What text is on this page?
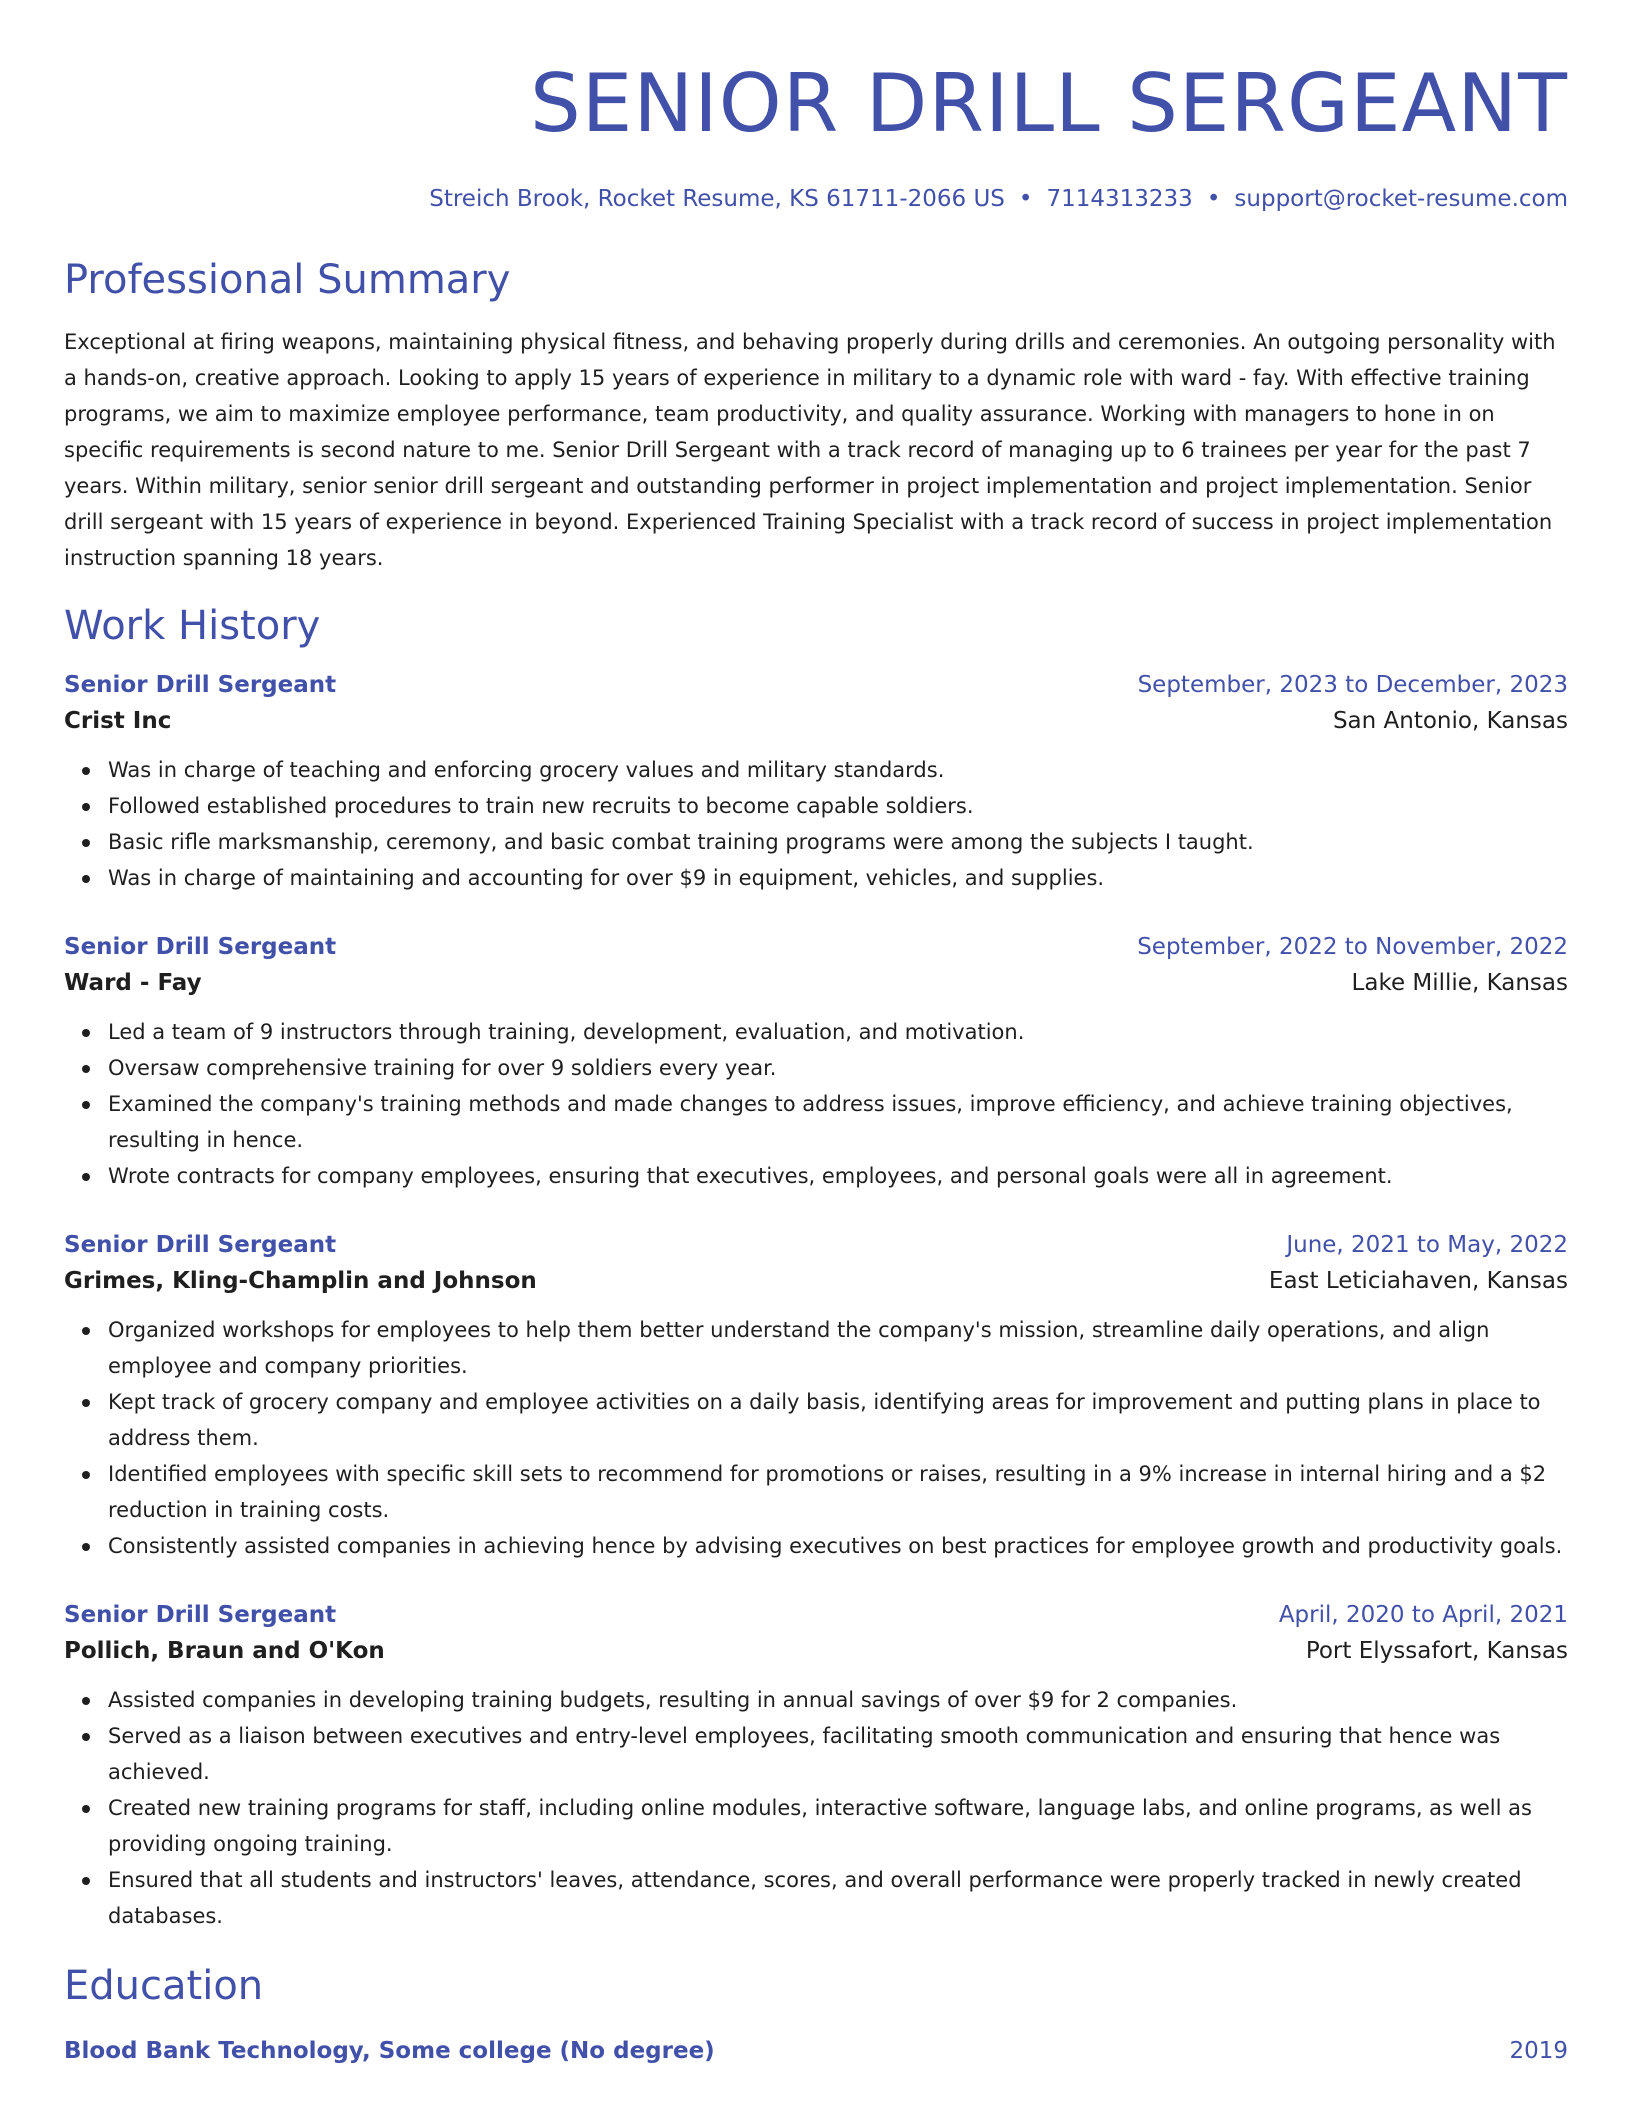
SENIOR DRILL SERGEANT
Streich Brook, Rocket Resume, KS 61711-2066 US • 7114313233 • support@rocket-resume.com
Professional Summary
Exceptional at firing weapons, maintaining physical fitness, and behaving properly during drills and ceremonies. An outgoing personality with a hands-on, creative approach. Looking to apply 15 years of experience in military to a dynamic role with ward - fay. With effective training programs, we aim to maximize employee performance, team productivity, and quality assurance. Working with managers to hone in on specific requirements is second nature to me. Senior Drill Sergeant with a track record of managing up to 6 trainees per year for the past 7 years. Within military, senior senior drill sergeant and outstanding performer in project implementation and project implementation. Senior drill sergeant with 15 years of experience in beyond. Experienced Training Specialist with a track record of success in project implementation instruction spanning 18 years.
Work History
Senior Drill Sergeant	September, 2023 to December, 2023
Crist Inc	San Antonio, Kansas
Was in charge of teaching and enforcing grocery values and military standards.
Followed established procedures to train new recruits to become capable soldiers.
Basic rifle marksmanship, ceremony, and basic combat training programs were among the subjects I taught.
Was in charge of maintaining and accounting for over $9 in equipment, vehicles, and supplies.
Senior Drill Sergeant	September, 2022 to November, 2022
Ward - Fay	Lake Millie, Kansas
Led a team of 9 instructors through training, development, evaluation, and motivation.
Oversaw comprehensive training for over 9 soldiers every year.
Examined the company's training methods and made changes to address issues, improve efficiency, and achieve training objectives, resulting in hence.
Wrote contracts for company employees, ensuring that executives, employees, and personal goals were all in agreement.
Senior Drill Sergeant	June, 2021 to May, 2022
Grimes, Kling-Champlin and Johnson	East Leticiahaven, Kansas
Organized workshops for employees to help them better understand the company's mission, streamline daily operations, and align employee and company priorities.
Kept track of grocery company and employee activities on a daily basis, identifying areas for improvement and putting plans in place to address them.
Identified employees with specific skill sets to recommend for promotions or raises, resulting in a 9% increase in internal hiring and a $2 reduction in training costs.
Consistently assisted companies in achieving hence by advising executives on best practices for employee growth and productivity goals.
Senior Drill Sergeant	April, 2020 to April, 2021
Pollich, Braun and O'Kon	Port Elyssafort, Kansas
Assisted companies in developing training budgets, resulting in annual savings of over $9 for 2 companies.
Served as a liaison between executives and entry-level employees, facilitating smooth communication and ensuring that hence was achieved.
Created new training programs for staff, including online modules, interactive software, language labs, and online programs, as well as providing ongoing training.
Ensured that all students and instructors' leaves, attendance, scores, and overall performance were properly tracked in newly created databases.
Education
Blood Bank Technology, Some college (No degree)	2019
